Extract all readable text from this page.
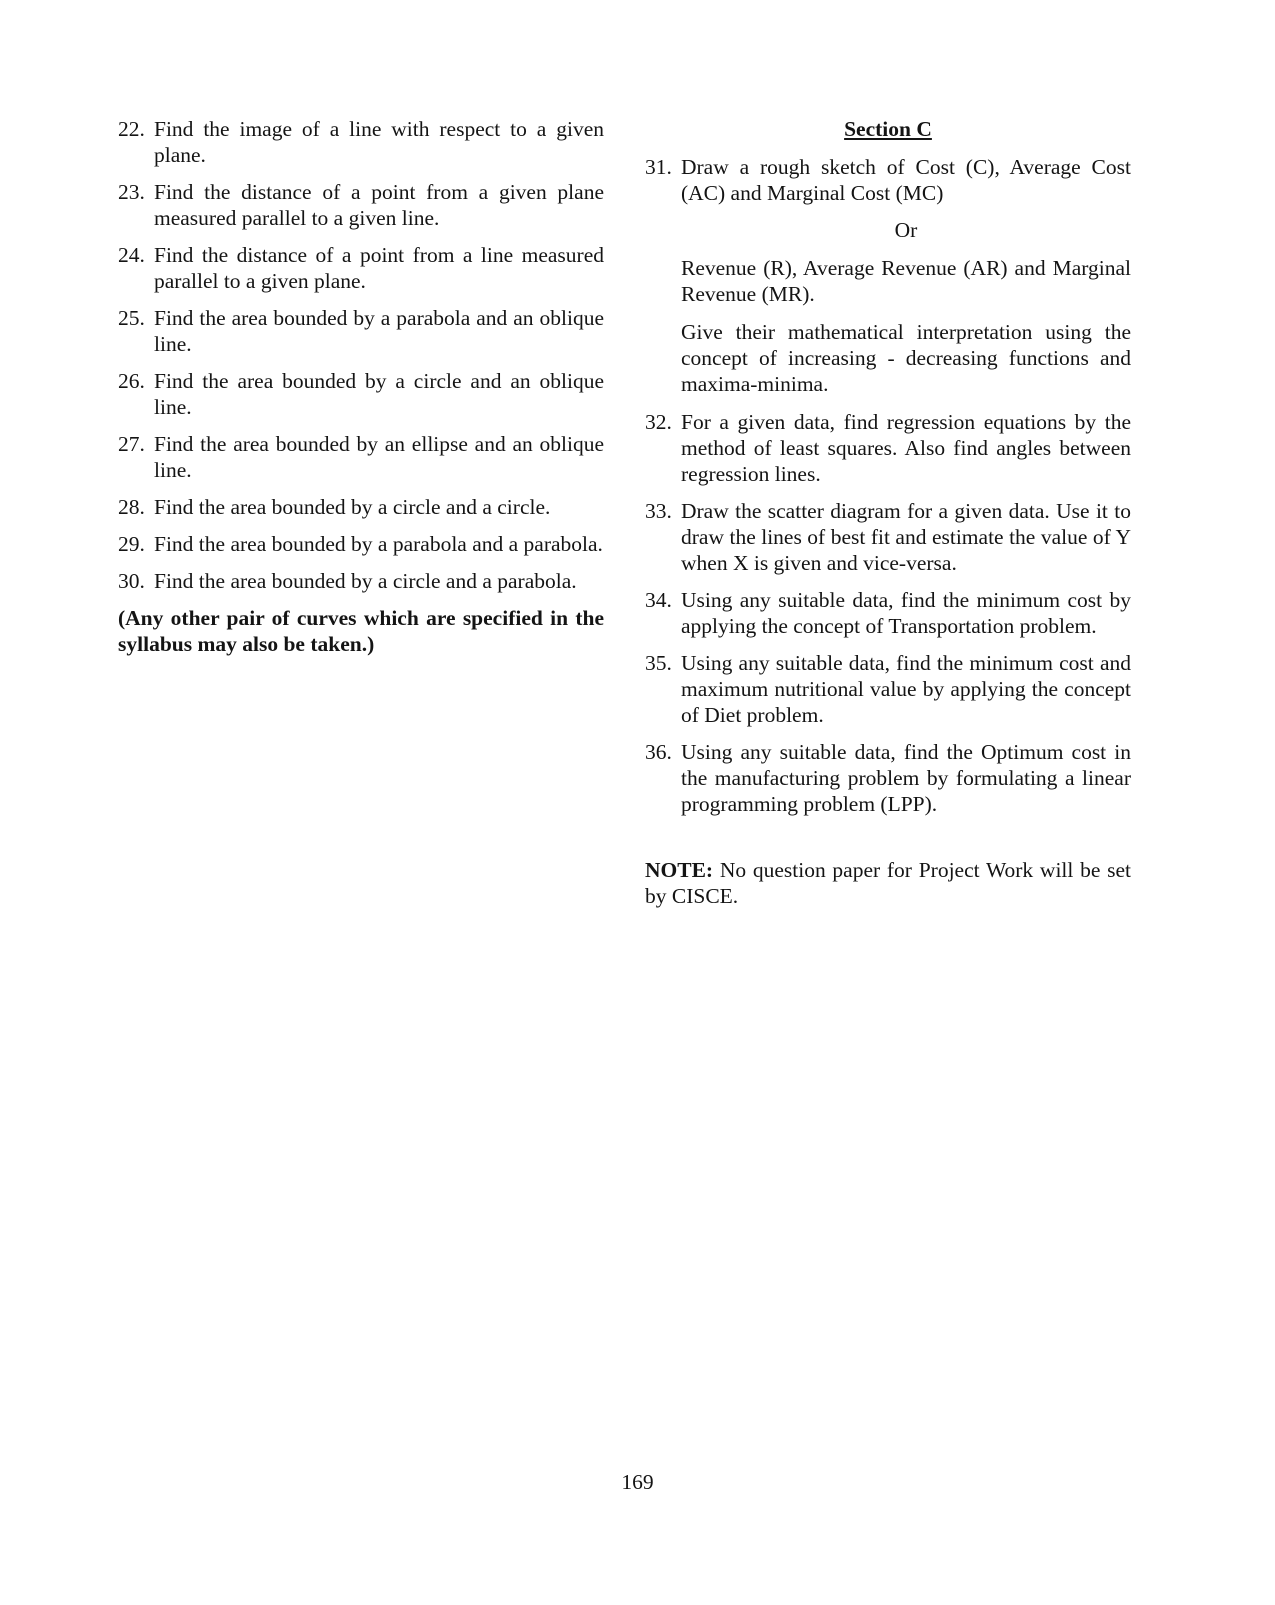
22. Find the image of a line with respect to a given plane.
23. Find the distance of a point from a given plane measured parallel to a given line.
24. Find the distance of a point from a line measured parallel to a given plane.
25. Find the area bounded by a parabola and an oblique line.
26. Find the area bounded by a circle and an oblique line.
27. Find the area bounded by an ellipse and an oblique line.
28. Find the area bounded by a circle and a circle.
29. Find the area bounded by a parabola and a parabola.
30. Find the area bounded by a circle and a parabola.
(Any other pair of curves which are specified in the syllabus may also be taken.)
Section C
31. Draw a rough sketch of Cost (C), Average Cost (AC) and Marginal Cost (MC)
Or
Revenue (R), Average Revenue (AR) and Marginal Revenue (MR).
Give their mathematical interpretation using the concept of increasing - decreasing functions and maxima-minima.
32. For a given data, find regression equations by the method of least squares. Also find angles between regression lines.
33. Draw the scatter diagram for a given data. Use it to draw the lines of best fit and estimate the value of Y when X is given and vice-versa.
34. Using any suitable data, find the minimum cost by applying the concept of Transportation problem.
35. Using any suitable data, find the minimum cost and maximum nutritional value by applying the concept of Diet problem.
36. Using any suitable data, find the Optimum cost in the manufacturing problem by formulating a linear programming problem (LPP).
NOTE: No question paper for Project Work will be set by CISCE.
169
